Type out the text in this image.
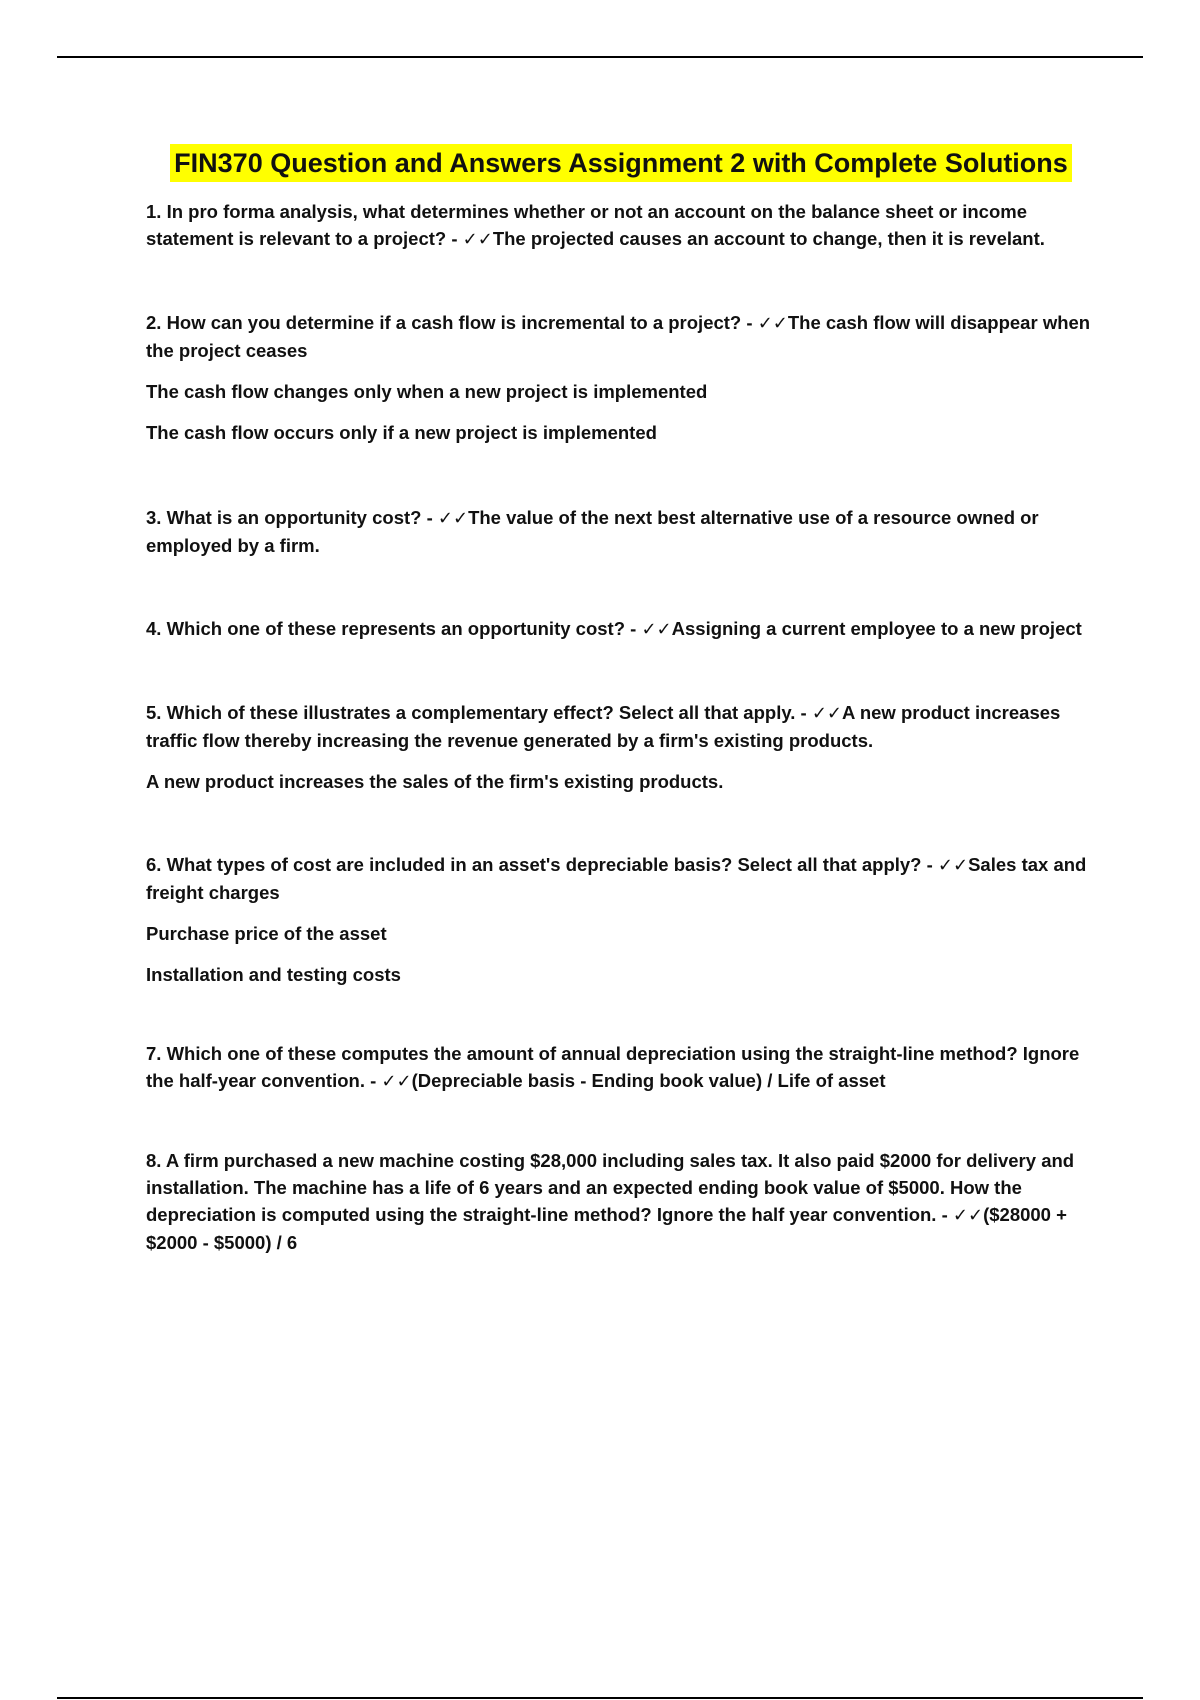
FIN370 Question and Answers Assignment 2 with Complete Solutions

1. In pro forma analysis, what determines whether or not an account on the balance sheet or income statement is relevant to a project? - ✓✓The projected causes an account to change, then it is revelant.

2. How can you determine if a cash flow is incremental to a project? - ✓✓The cash flow will disappear when the project ceases

The cash flow changes only when a new project is implemented

The cash flow occurs only if a new project is implemented

3. What is an opportunity cost? - ✓✓The value of the next best alternative use of a resource owned or employed by a firm.

4. Which one of these represents an opportunity cost? - ✓✓Assigning a current employee to a new project

5. Which of these illustrates a complementary effect? Select all that apply. - ✓✓A new product increases traffic flow thereby increasing the revenue generated by a firm's existing products.

A new product increases the sales of the firm's existing products.

6. What types of cost are included in an asset's depreciable basis? Select all that apply? - ✓✓Sales tax and freight charges

Purchase price of the asset

Installation and testing costs

7. Which one of these computes the amount of annual depreciation using the straight-line method? Ignore the half-year convention. - ✓✓(Depreciable basis - Ending book value) / Life of asset

8. A firm purchased a new machine costing $28,000 including sales tax. It also paid $2000 for delivery and installation. The machine has a life of 6 years and an expected ending book value of $5000. How the depreciation is computed using the straight-line method? Ignore the half year convention. - ✓✓($28000 + $2000 - $5000) / 6
